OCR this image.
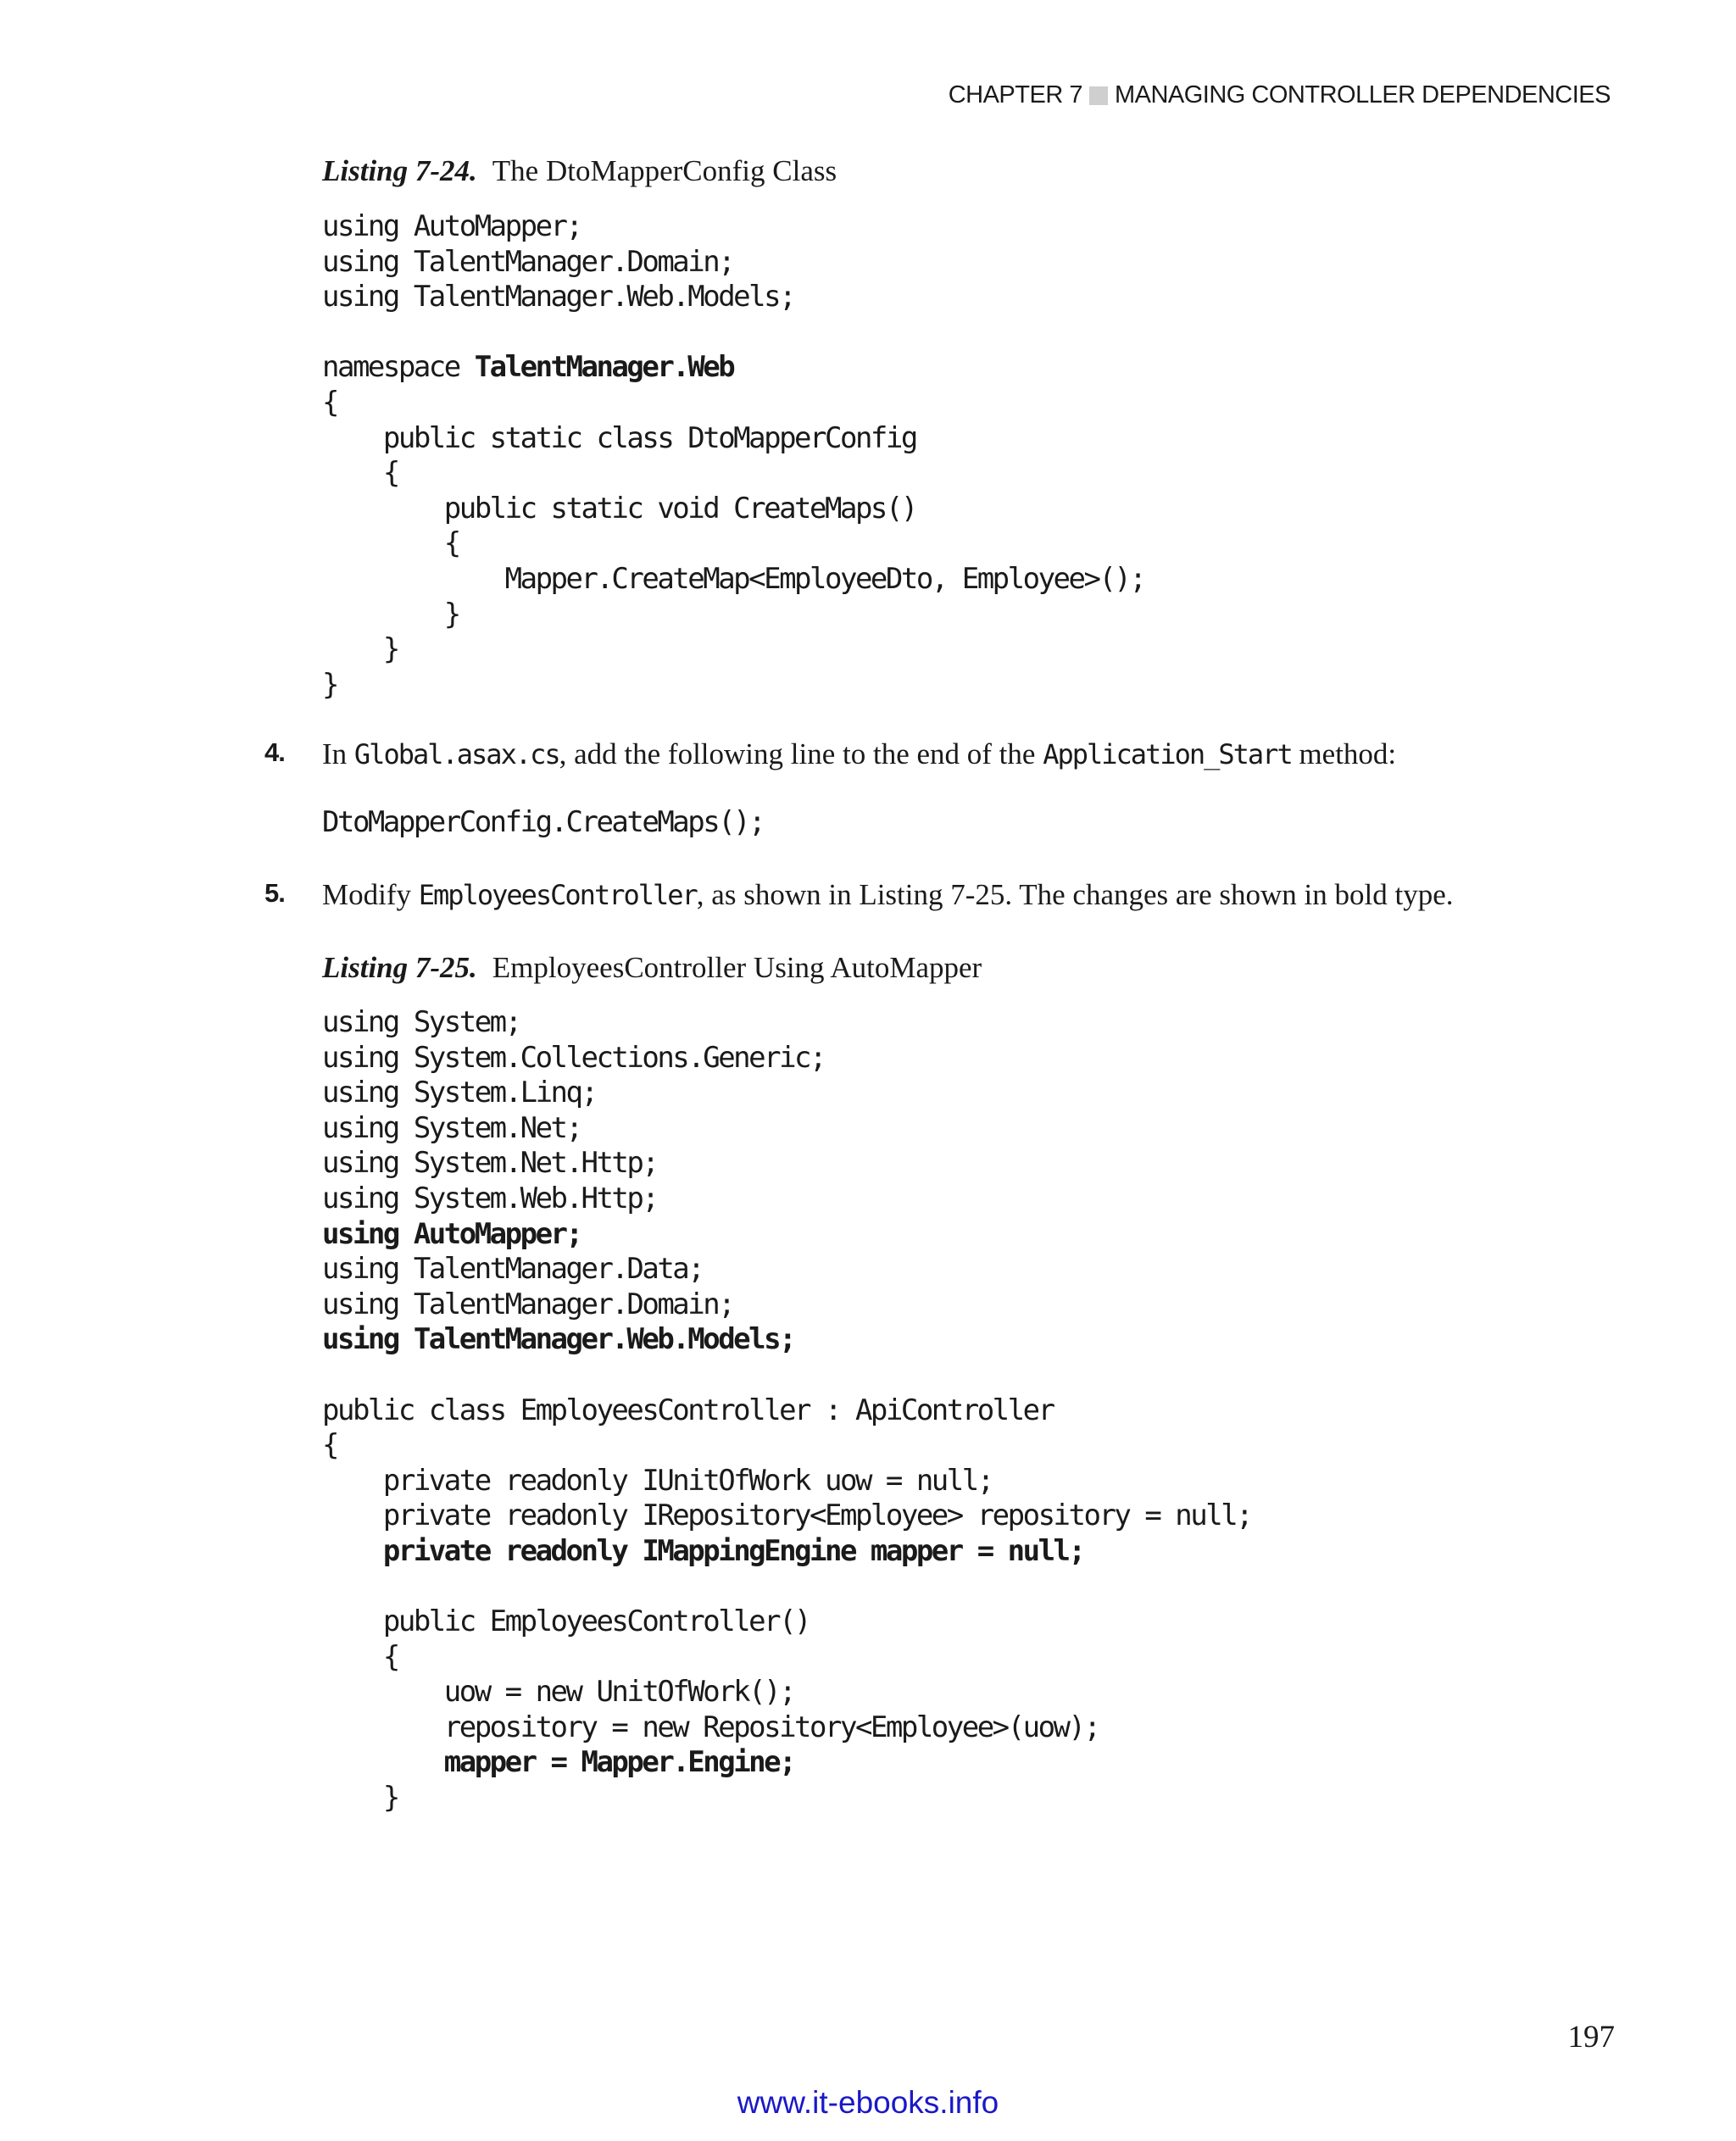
CHAPTER 7 MANAGING CONTROLLER DEPENDENCIES
Listing 7-24. The DtoMapperConfig Class
using AutoMapper;
using TalentManager.Domain;
using TalentManager.Web.Models;

namespace TalentManager.Web
{
public static class DtoMapperConfig
{
public static void CreateMaps()
{
Mapper.CreateMap<EmployeeDto, Employee>();
}
}
}
4. In Global.asax.cs, add the following line to the end of the Application_Start method:
DtoMapperConfig.CreateMaps();
5. Modify EmployeesController, as shown in Listing 7-25. The changes are shown in bold type.
Listing 7-25. EmployeesController Using AutoMapper
using System;
using System.Collections.Generic;
using System.Linq;
using System.Net;
using System.Net.Http;
using System.Web.Http;
using AutoMapper;
using TalentManager.Data;
using TalentManager.Domain;
using TalentManager.Web.Models;

public class EmployeesController : ApiController
{
private readonly IUnitOfWork uow = null;
private readonly IRepository<Employee> repository = null;
private readonly IMappingEngine mapper = null;

public EmployeesController()
{
uow = new UnitOfWork();
repository = new Repository<Employee>(uow);
mapper = Mapper.Engine;
}
197
www.it-ebooks.info
